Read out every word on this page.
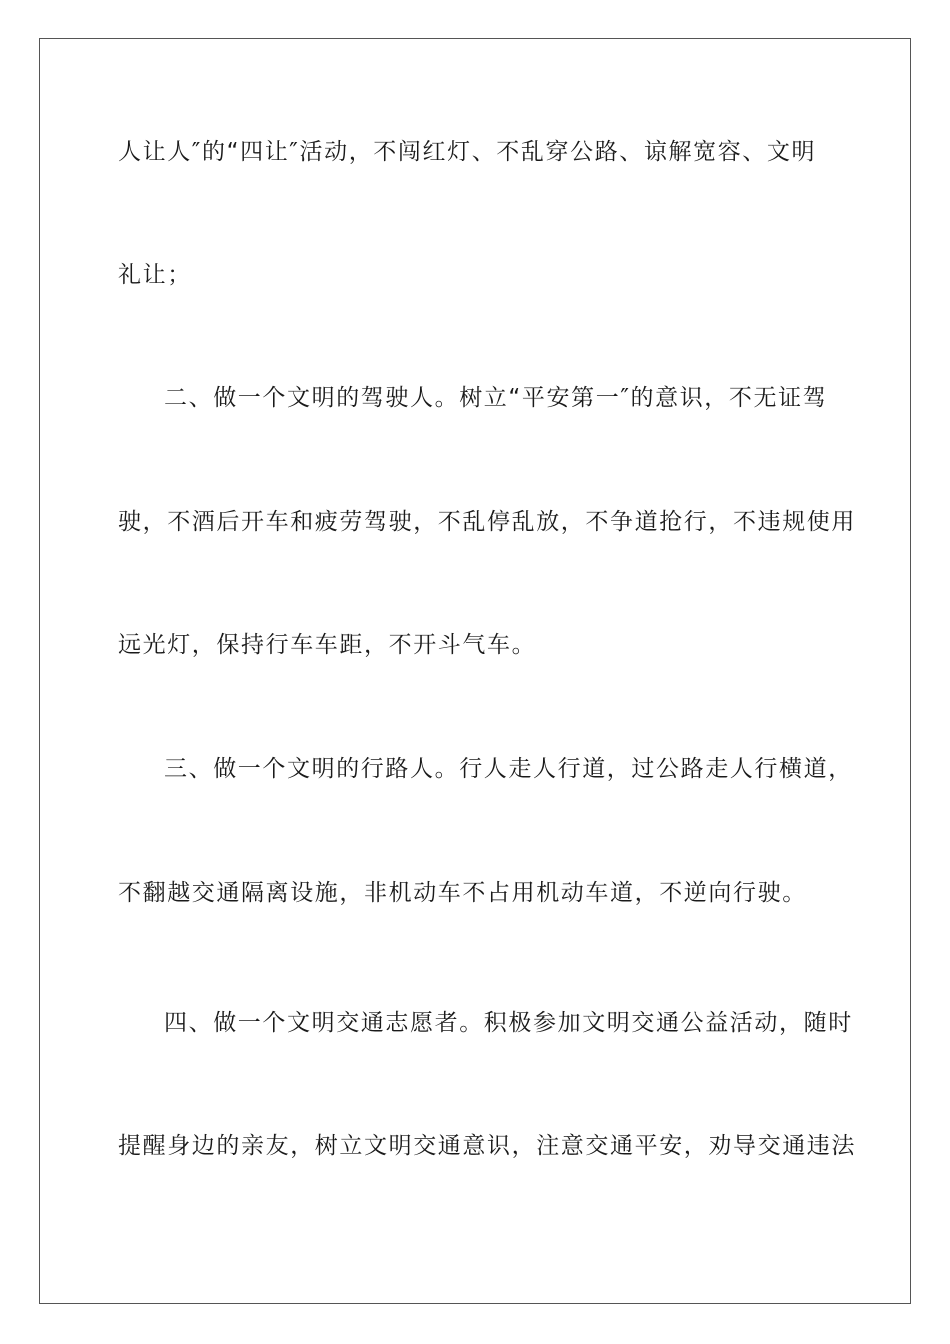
人让人″的“四让″活动，不闯红灯、不乱穿公路、谅解宽容、文明
礼让；
二、做一个文明的驾驶人。树立“平安第一″的意识，不无证驾
驶，不酒后开车和疲劳驾驶，不乱停乱放，不争道抢行，不违规使用
远光灯，保持行车车距，不开斗气车。
三、做一个文明的行路人。行人走人行道，过公路走人行横道，
不翻越交通隔离设施，非机动车不占用机动车道，不逆向行驶。
四、做一个文明交通志愿者。积极参加文明交通公益活动，随时
提醒身边的亲友，树立文明交通意识，注意交通平安，劝导交通违法
